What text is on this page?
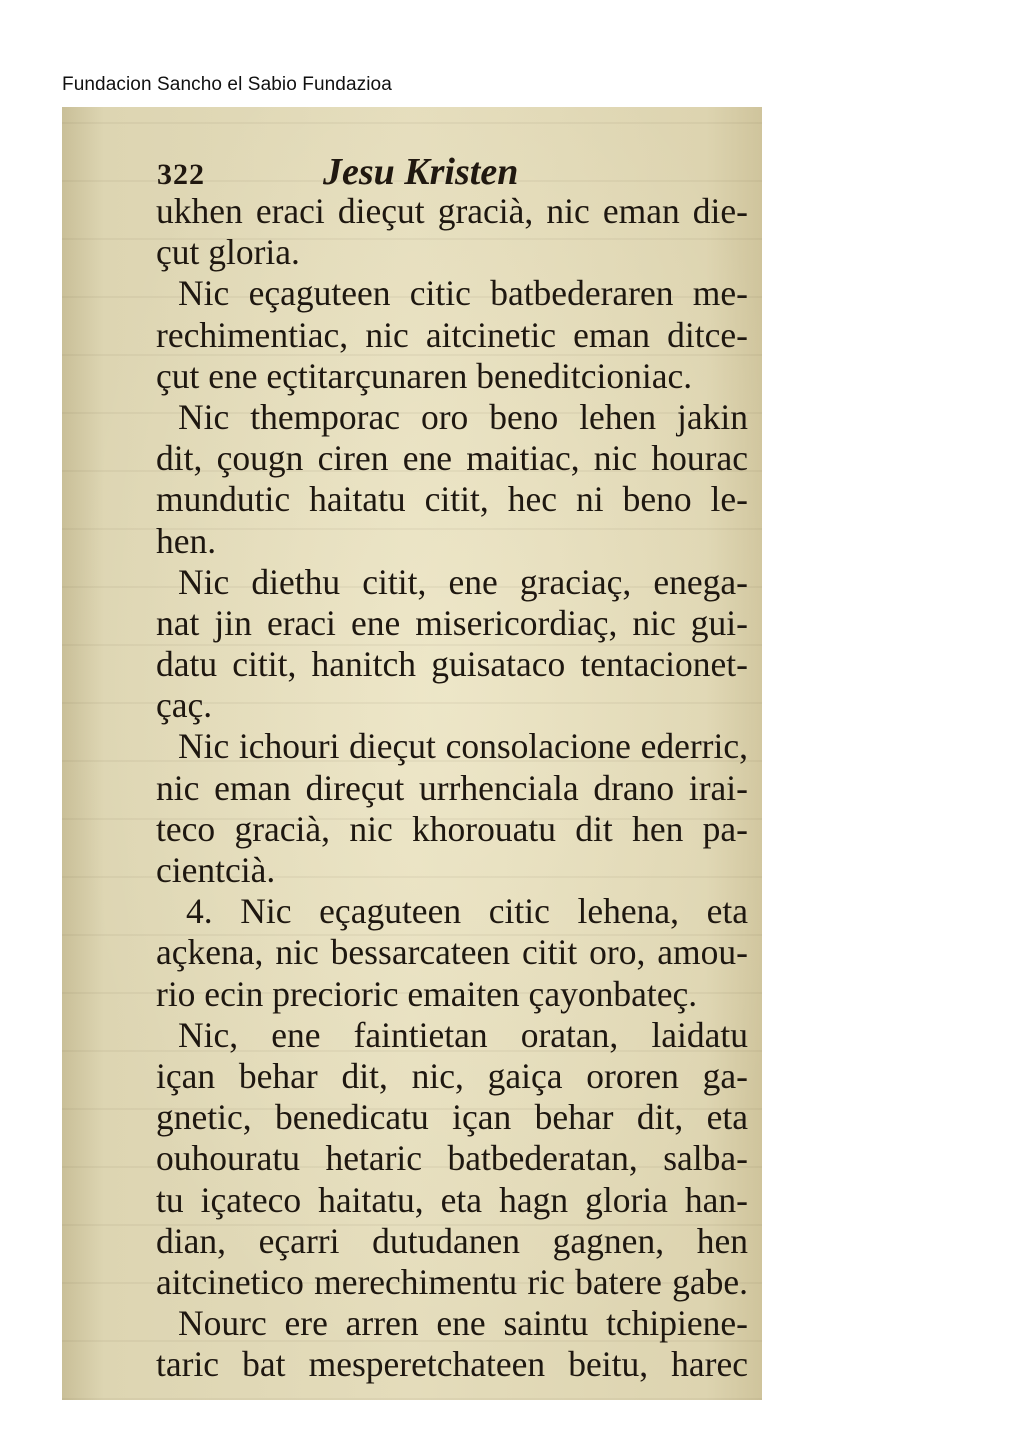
Fundacion Sancho el Sabio Fundazioa
322	Jesu Kristen
ukhen eraci dieçut gracià, nic eman die-
çut gloria.
Nic eçaguteen citic batbederaren me-
rechimentiac, nic aitcinetic eman ditce-
çut ene eçtitarçunaren beneditcioniac.
Nic themporac oro beno lehen jakin
dit, çougn ciren ene maitiac, nic hourac
mundutic haitatu citit, hec ni beno le-
hen.
Nic diethu citit, ene graciaç, enega-
nat jin eraci ene misericordiaç, nic gui-
datu citit, hanitch guisataco tentacionet-
çaç.
Nic ichouri dieçut consolacione ederric,
nic eman direçut urrhenciala drano irai-
teco gracià, nic khorouatu dit hen pa-
cientcià.
4. Nic eçaguteen citic lehena, eta
açkena, nic bessarcateen citit oro, amou-
rio ecin precioric emaiten çayonbateç.
Nic, ene faintietan oratan, laidatu
içan behar dit, nic, gaiça ororen ga-
gnetic, benedicatu içan behar dit, eta
ouhouratu hetaric batbederatan, salba-
tu içateco haitatu, eta hagn gloria han-
dian, eçarri dutudanen gagnen, hen
aitcinetico merechimentu ric batere gabe.
Nourc ere arren ene saintu tchipiene-
taric bat mesperetchateen beitu, harec
